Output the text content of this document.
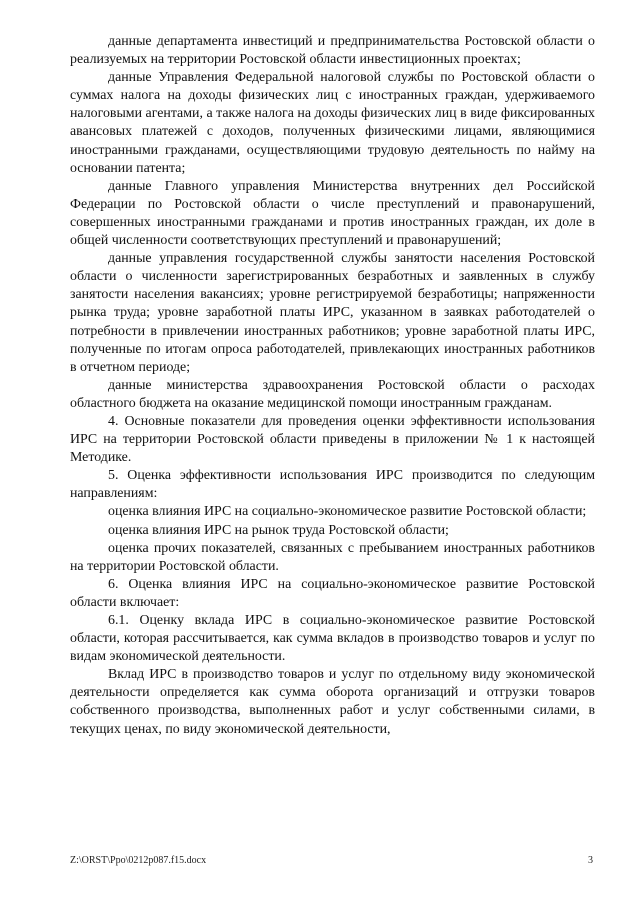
данные департамента инвестиций и предпринимательства Ростовской области о реализуемых на территории Ростовской области инвестиционных проектах;

данные Управления Федеральной налоговой службы по Ростовской области о суммах налога на доходы физических лиц с иностранных граждан, удерживаемого налоговыми агентами, а также налога на доходы физических лиц в виде фиксированных авансовых платежей с доходов, полученных физическими лицами, являющимися иностранными гражданами, осуществляющими трудовую деятельность по найму на основании патента;

данные Главного управления Министерства внутренних дел Российской Федерации по Ростовской области о числе преступлений и правонарушений, совершенных иностранными гражданами и против иностранных граждан, их доле в общей численности соответствующих преступлений и правонарушений;

данные управления государственной службы занятости населения Ростовской области о численности зарегистрированных безработных и заявленных в службу занятости населения вакансиях; уровне регистрируемой безработицы; напряженности рынка труда; уровне заработной платы ИРС, указанном в заявках работодателей о потребности в привлечении иностранных работников; уровне заработной платы ИРС, полученные по итогам опроса работодателей, привлекающих иностранных работников в отчетном периоде;

данные министерства здравоохранения Ростовской области о расходах областного бюджета на оказание медицинской помощи иностранным гражданам.

4. Основные показатели для проведения оценки эффективности использования ИРС на территории Ростовской области приведены в приложении № 1 к настоящей Методике.

5. Оценка эффективности использования ИРС производится по следующим направлениям:

оценка влияния ИРС на социально-экономическое развитие Ростовской области;

оценка влияния ИРС на рынок труда Ростовской области;

оценка прочих показателей, связанных с пребыванием иностранных работников на территории Ростовской области.

6. Оценка влияния ИРС на социально-экономическое развитие Ростовской области включает:

6.1. Оценку вклада ИРС в социально-экономическое развитие Ростовской области, которая рассчитывается, как сумма вкладов в производство товаров и услуг по видам экономической деятельности.

Вклад ИРС в производство товаров и услуг по отдельному виду экономической деятельности определяется как сумма оборота организаций и отгрузки товаров собственного производства, выполненных работ и услуг собственными силами, в текущих ценах, по виду экономической деятельности,

Z:\ORST\Ppo\0212p087.f15.docx	3
